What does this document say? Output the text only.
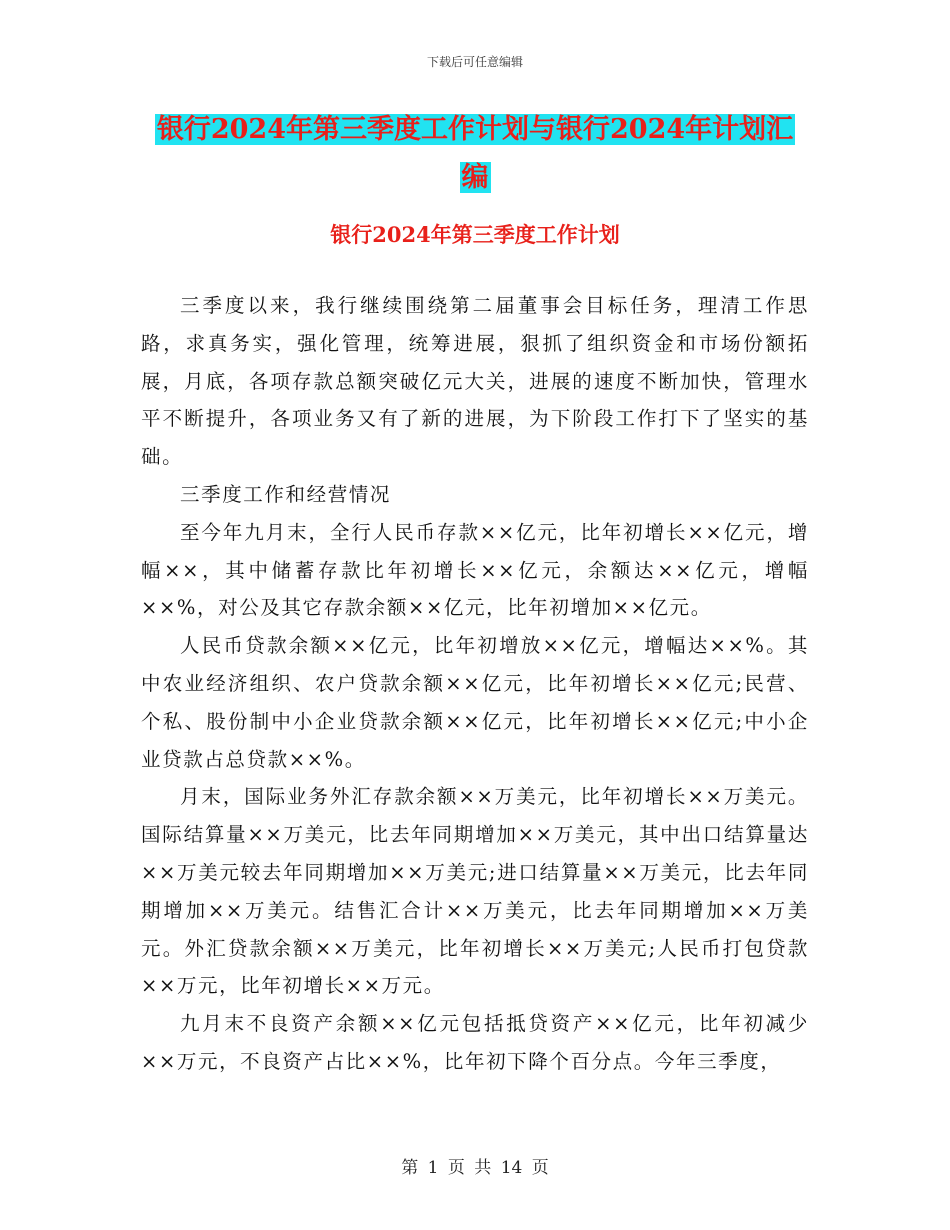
下载后可任意编辑
银行2024年第三季度工作计划与银行2024年计划汇
编
银行2024年第三季度工作计划

三季度以来，我行继续围绕第二届董事会目标任务，理清工作思路，求真务实，强化管理，统筹进展，狠抓了组织资金和市场份额拓展，月底，各项存款总额突破亿元大关，进展的速度不断加快，管理水平不断提升，各项业务又有了新的进展，为下阶段工作打下了坚实的基础。

三季度工作和经营情况

至今年九月末，全行人民币存款××亿元，比年初增长××亿元，增幅××，其中储蓄存款比年初增长××亿元，余额达××亿元，增幅××%，对公及其它存款余额××亿元，比年初增加××亿元。

人民币贷款余额××亿元，比年初增放××亿元，增幅达××%。其中农业经济组织、农户贷款余额××亿元，比年初增长××亿元;民营、个私、股份制中小企业贷款余额××亿元，比年初增长××亿元;中小企业贷款占总贷款××%。

月末，国际业务外汇存款余额××万美元，比年初增长××万美元。国际结算量××万美元，比去年同期增加××万美元，其中出口结算量达××万美元较去年同期增加××万美元;进口结算量××万美元，比去年同期增加××万美元。结售汇合计××万美元，比去年同期增加××万美元。外汇贷款余额××万美元，比年初增长××万美元;人民币打包贷款××万元，比年初增长××万元。

九月末不良资产余额××亿元包括抵贷资产××亿元，比年初减少××万元，不良资产占比××%，比年初下降个百分点。今年三季度，

第 1 页 共 14 页
